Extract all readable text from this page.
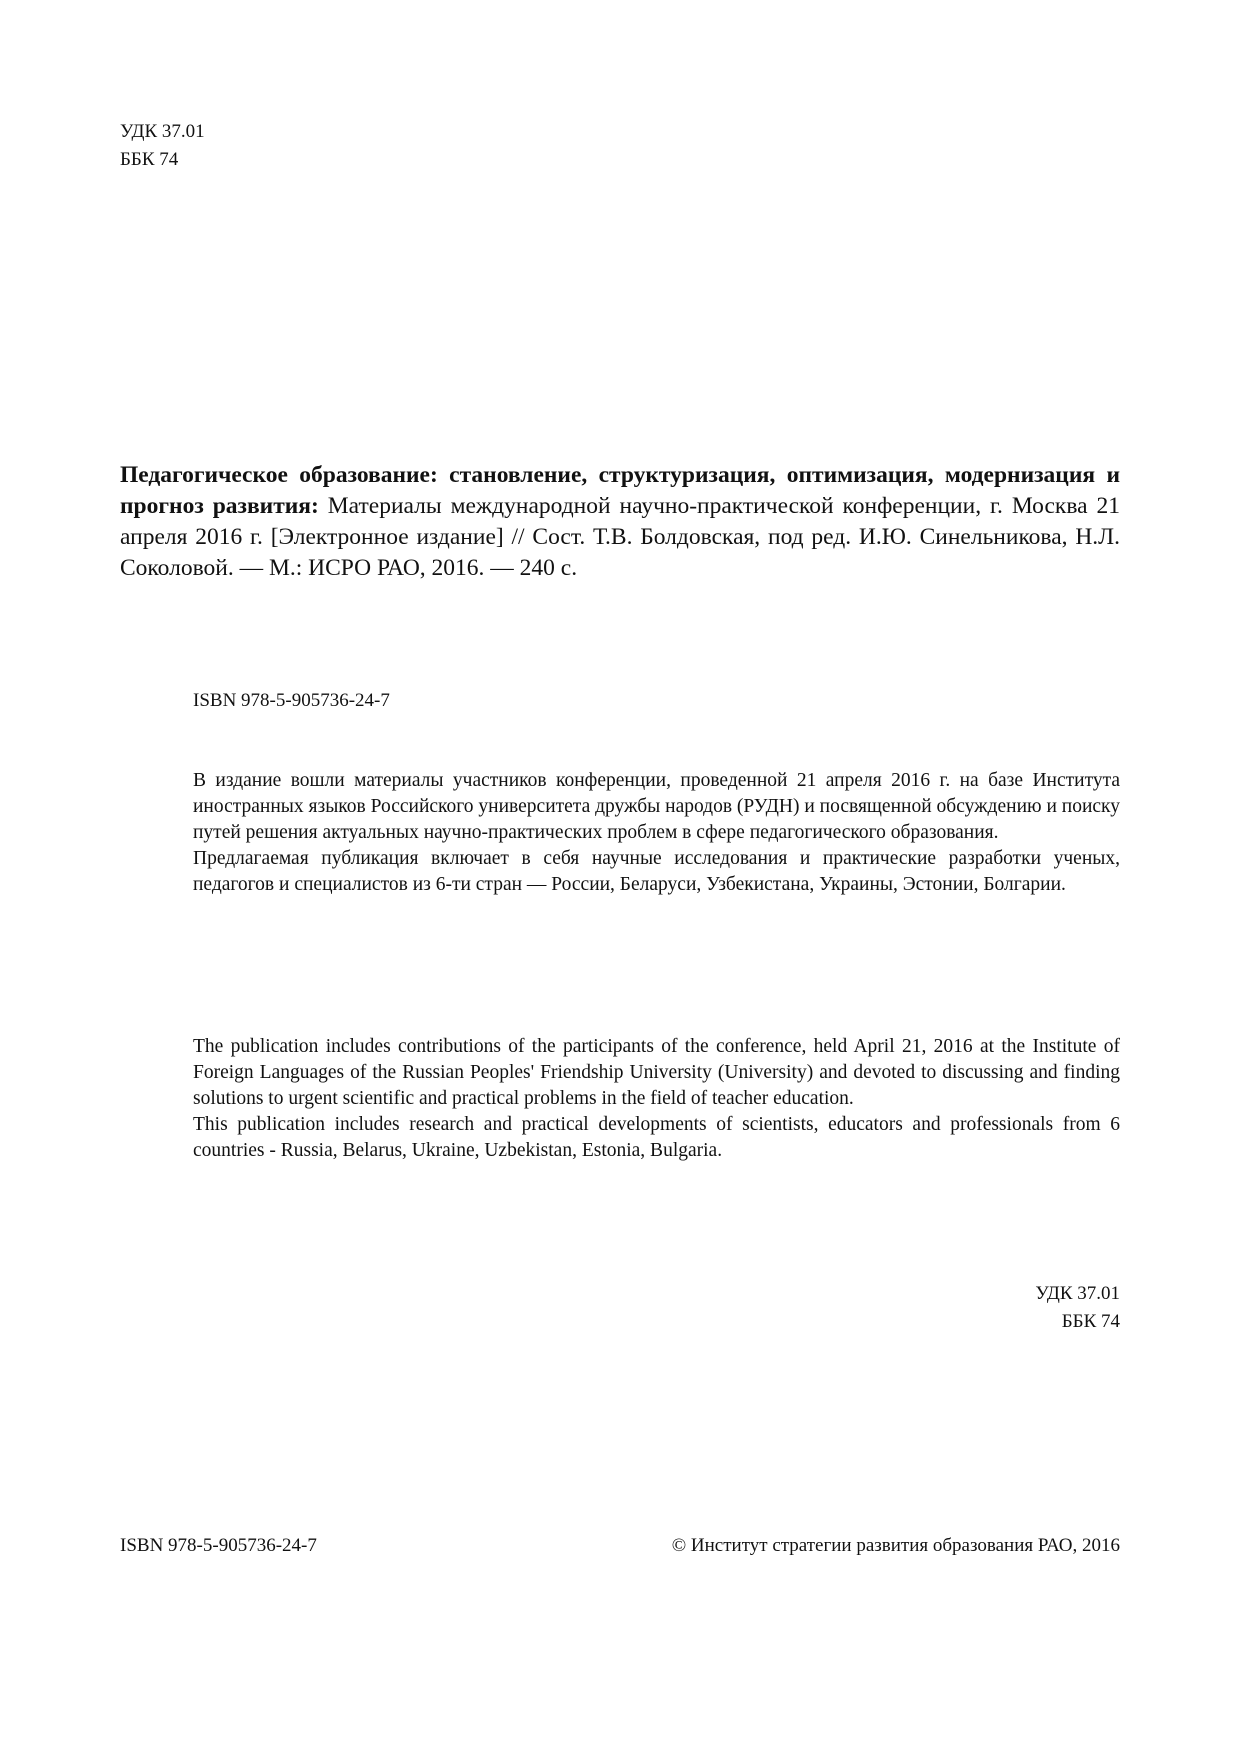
УДК 37.01
ББК 74
Педагогическое образование: становление, структуризация, оптимизация, модернизация и прогноз развития: Материалы международной научно-практической конференции, г. Москва 21 апреля 2016 г. [Электронное издание] // Сост. Т.В. Болдовская, под ред. И.Ю. Синельникова, Н.Л. Соколовой. — М.: ИСРО РАО, 2016. — 240 с.
ISBN 978-5-905736-24-7

В издание вошли материалы участников конференции, проведенной 21 апреля 2016 г. на базе Института иностранных языков Российского университета дружбы народов (РУДН) и посвященной обсуждению и поиску путей решения актуальных научно-практических проблем в сфере педагогического образования.

Предлагаемая публикация включает в себя научные исследования и практические разработки ученых, педагогов и специалистов из 6-ти стран — России, Беларуси, Узбекистана, Украины, Эстонии, Болгарии.

The publication includes contributions of the participants of the conference, held April 21, 2016 at the Institute of Foreign Languages of the Russian Peoples' Friendship University (University) and devoted to discussing and finding solutions to urgent scientific and practical problems in the field of teacher education.

This publication includes research and practical developments of scientists, educators and professionals from 6 countries - Russia, Belarus, Ukraine, Uzbekistan, Estonia, Bulgaria.

УДК 37.01
ББК 74
ISBN 978-5-905736-24-7	© Институт стратегии развития образования РАО, 2016
